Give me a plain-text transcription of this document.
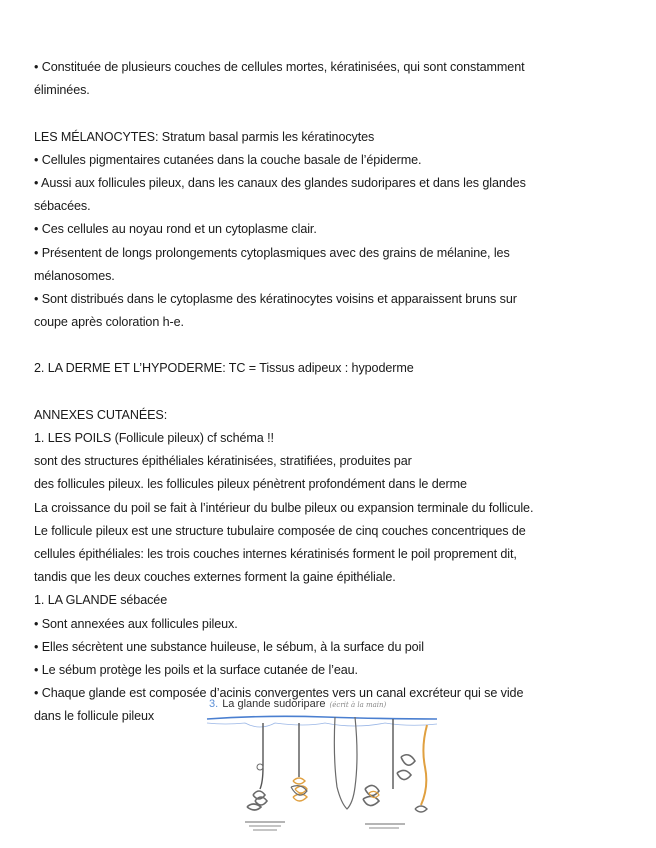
• Constituée de plusieurs couches de cellules mortes, kératinisées, qui sont constamment
éliminées.
LES MÉLANOCYTES: Stratum basal parmis les kératinocytes
• Cellules pigmentaires cutanées dans la couche basale de l’épiderme.
• Aussi aux follicules pileux, dans les canaux des glandes sudoripares et dans les glandes
sébacées.
• Ces cellules au noyau rond et un cytoplasme clair.
• Présentent de longs prolongements cytoplasmiques avec des grains de mélanine, les
mélanosomes.
• Sont distribués dans le cytoplasme des kératinocytes voisins et apparaissent bruns sur
coupe après coloration h-e.
2. LA DERME ET L’HYPODERME: TC = Tissus adipeux : hypoderme
ANNEXES CUTANÉES:
1. LES POILS (Follicule pileux) cf schéma !!
sont des structures épithéliales kératinisées, stratifiées, produites par
des follicules pileux. les follicules pileux pénètrent profondément dans le derme
La croissance du poil se fait à l’intérieur du bulbe pileux ou expansion terminale du follicule.
Le follicule pileux est une structure tubulaire composée de cinq couches concentriques de
cellules épithéliales: les trois couches internes kératinisés forment le poil proprement dit,
tandis que les deux couches externes forment la gaine épithéliale.
1. LA GLANDE sébacée
• Sont annexées aux follicules pileux.
• Elles sécrètent une substance huileuse, le sébum, à la surface du poil
• Le sébum protège les poils et la surface cutanée de l’eau.
• Chaque glande est composée d’acinis convergentes vers un canal excréteur qui se vide
dans le follicule pileux
3. La glande sudoripare (écrit à la main)
